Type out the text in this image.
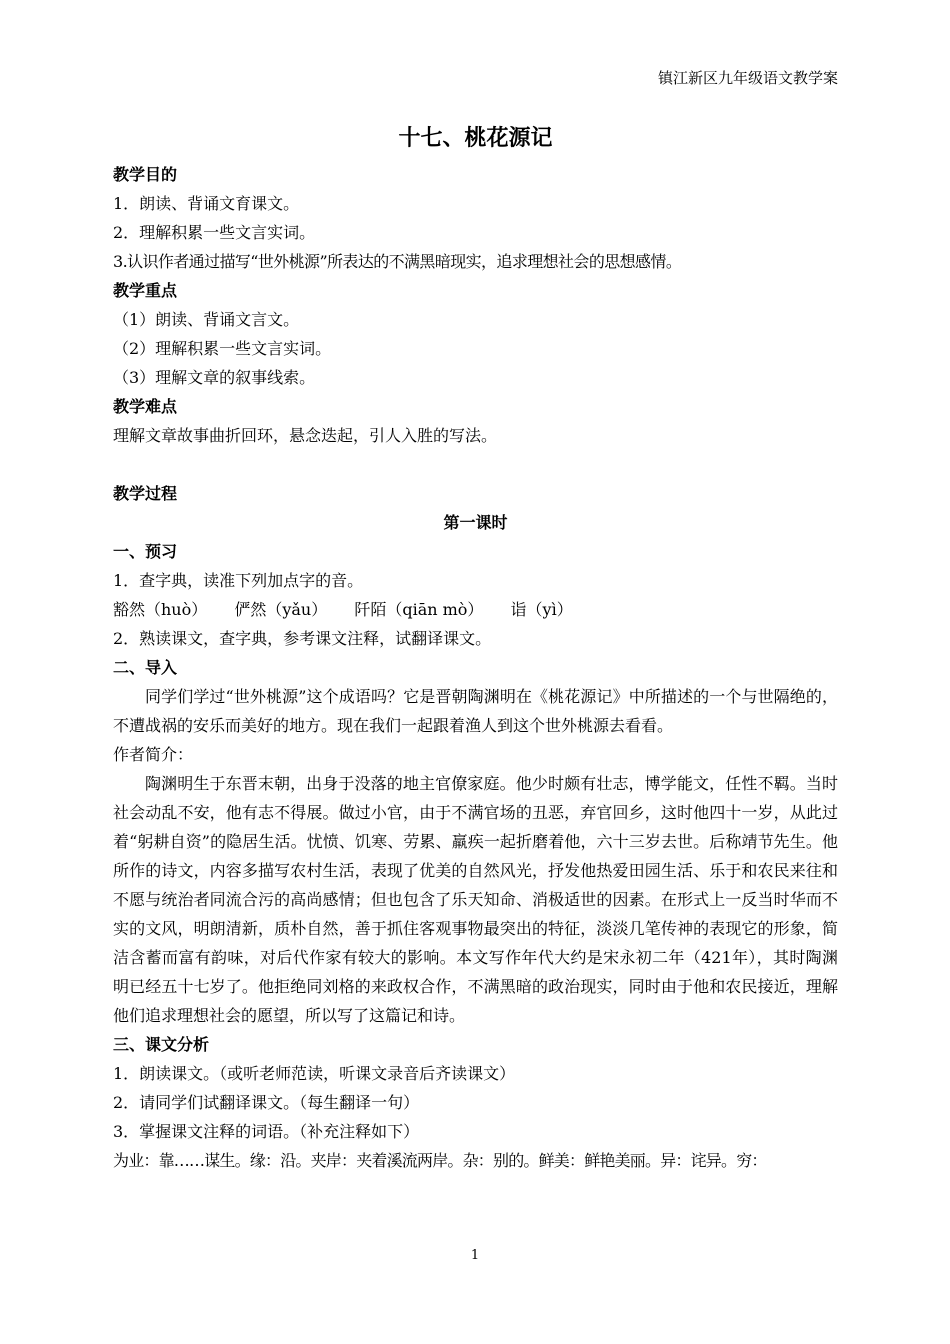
镇江新区九年级语文教学案
十七、桃花源记
教学目的
1．朗读、背诵文育课文。
2．理解积累一些文言实词。
3.认识作者通过描写“世外桃源”所表达的不满黑暗现实，追求理想社会的思想感情。
教学重点
（1）朗读、背诵文言文。
（2）理解积累一些文言实词。
（3）理解文章的叙事线索。
教学难点
理解文章故事曲折回环，悬念迭起，引人入胜的写法。
教学过程
第一课时
一、预习
1．查字典，读准下列加点字的音。
豁然（huò） 俨然（yǎu） 阡陌（qiān mò） 诣（yì）
2．熟读课文，查字典，参考课文注释，试翻译课文。
二、导入
同学们学过“世外桃源”这个成语吗？它是晋朝陶渊明在《桃花源记》中所描述的一个与世隔绝的，不遭战祸的安乐而美好的地方。现在我们一起跟着渔人到这个世外桃源去看看。
作者简介：
陶渊明生于东晋末朝，出身于没落的地主官僚家庭。他少时颇有壮志，博学能文，任性不羁。当时社会动乱不安，他有志不得展。做过小官，由于不满官场的丑恶，弃官回乡，这时他四十一岁，从此过着“躬耕自资”的隐居生活。忧愤、饥寒、劳累、羸疾一起折磨着他，六十三岁去世。后称靖节先生。他所作的诗文，内容多描写农村生活，表现了优美的自然风光，抒发他热爱田园生活、乐于和农民来往和不愿与统治者同流合污的高尚感情；但也包含了乐天知命、消极适世的因素。在形式上一反当时华而不实的文风，明朗清新，质朴自然，善于抓住客观事物最突出的特征，淡淡几笔传神的表现它的形象，简洁含蓄而富有韵味，对后代作家有较大的影响。本文写作年代大约是宋永初二年（421年），其时陶渊明已经五十七岁了。他拒绝同刘格的来政权合作，不满黑暗的政治现实，同时由于他和农民接近，理解他们追求理想社会的愿望，所以写了这篇记和诗。
三、课文分析
1．朗读课文。（或听老师范读，听课文录音后齐读课文）
2．请同学们试翻译课文。（每生翻译一句）
3．掌握课文注释的词语。（补充注释如下）
为业：靠……谋生。缘：沿。夹岸：夹着溪流两岸。杂：别的。鲜美：鲜艳美丽。异：诧异。穷：
1
